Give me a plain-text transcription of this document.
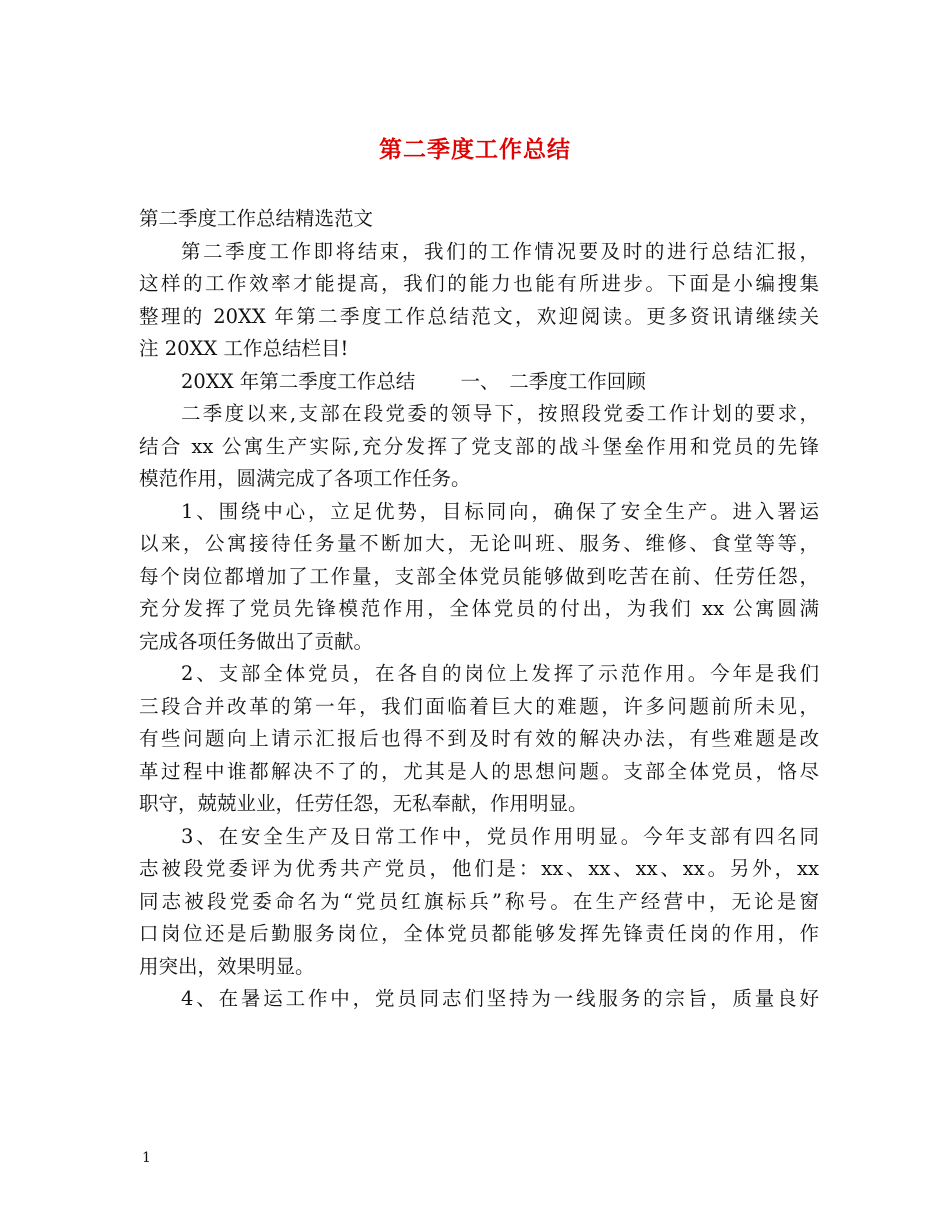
第二季度工作总结
第二季度工作总结精选范文
第二季度工作即将结束，我们的工作情况要及时的进行总结汇报，
这样的工作效率才能提高，我们的能力也能有所进步。下面是小编搜集
整理的 20XX 年第二季度工作总结范文，欢迎阅读。更多资讯请继续关
注 20XX 工作总结栏目!
20XX 年第二季度工作总结　　 一、　二季度工作回顾
二季度以来,支部在段党委的领导下，按照段党委工作计划的要求，
结合 xx 公寓生产实际,充分发挥了党支部的战斗堡垒作用和党员的先锋
模范作用，圆满完成了各项工作任务。
1、围绕中心，立足优势，目标同向，确保了安全生产。进入署运
以来，公寓接待任务量不断加大，无论叫班、服务、维修、食堂等等，
每个岗位都增加了工作量，支部全体党员能够做到吃苦在前、任劳任怨，
充分发挥了党员先锋模范作用，全体党员的付出，为我们 xx 公寓圆满
完成各项任务做出了贡献。
2、支部全体党员，在各自的岗位上发挥了示范作用。今年是我们
三段合并改革的第一年，我们面临着巨大的难题，许多问题前所未见，
有些问题向上请示汇报后也得不到及时有效的解决办法，有些难题是改
革过程中谁都解决不了的，尤其是人的思想问题。支部全体党员，恪尽
职守，兢兢业业，任劳任怨，无私奉献，作用明显。
3、在安全生产及日常工作中，党员作用明显。今年支部有四名同
志被段党委评为优秀共产党员，他们是：xx、xx、xx、xx。另外，xx
同志被段党委命名为“党员红旗标兵”称号。在生产经营中，无论是窗
口岗位还是后勤服务岗位，全体党员都能够发挥先锋责任岗的作用，作
用突出，效果明显。
4、在暑运工作中，党员同志们坚持为一线服务的宗旨，质量良好
1
